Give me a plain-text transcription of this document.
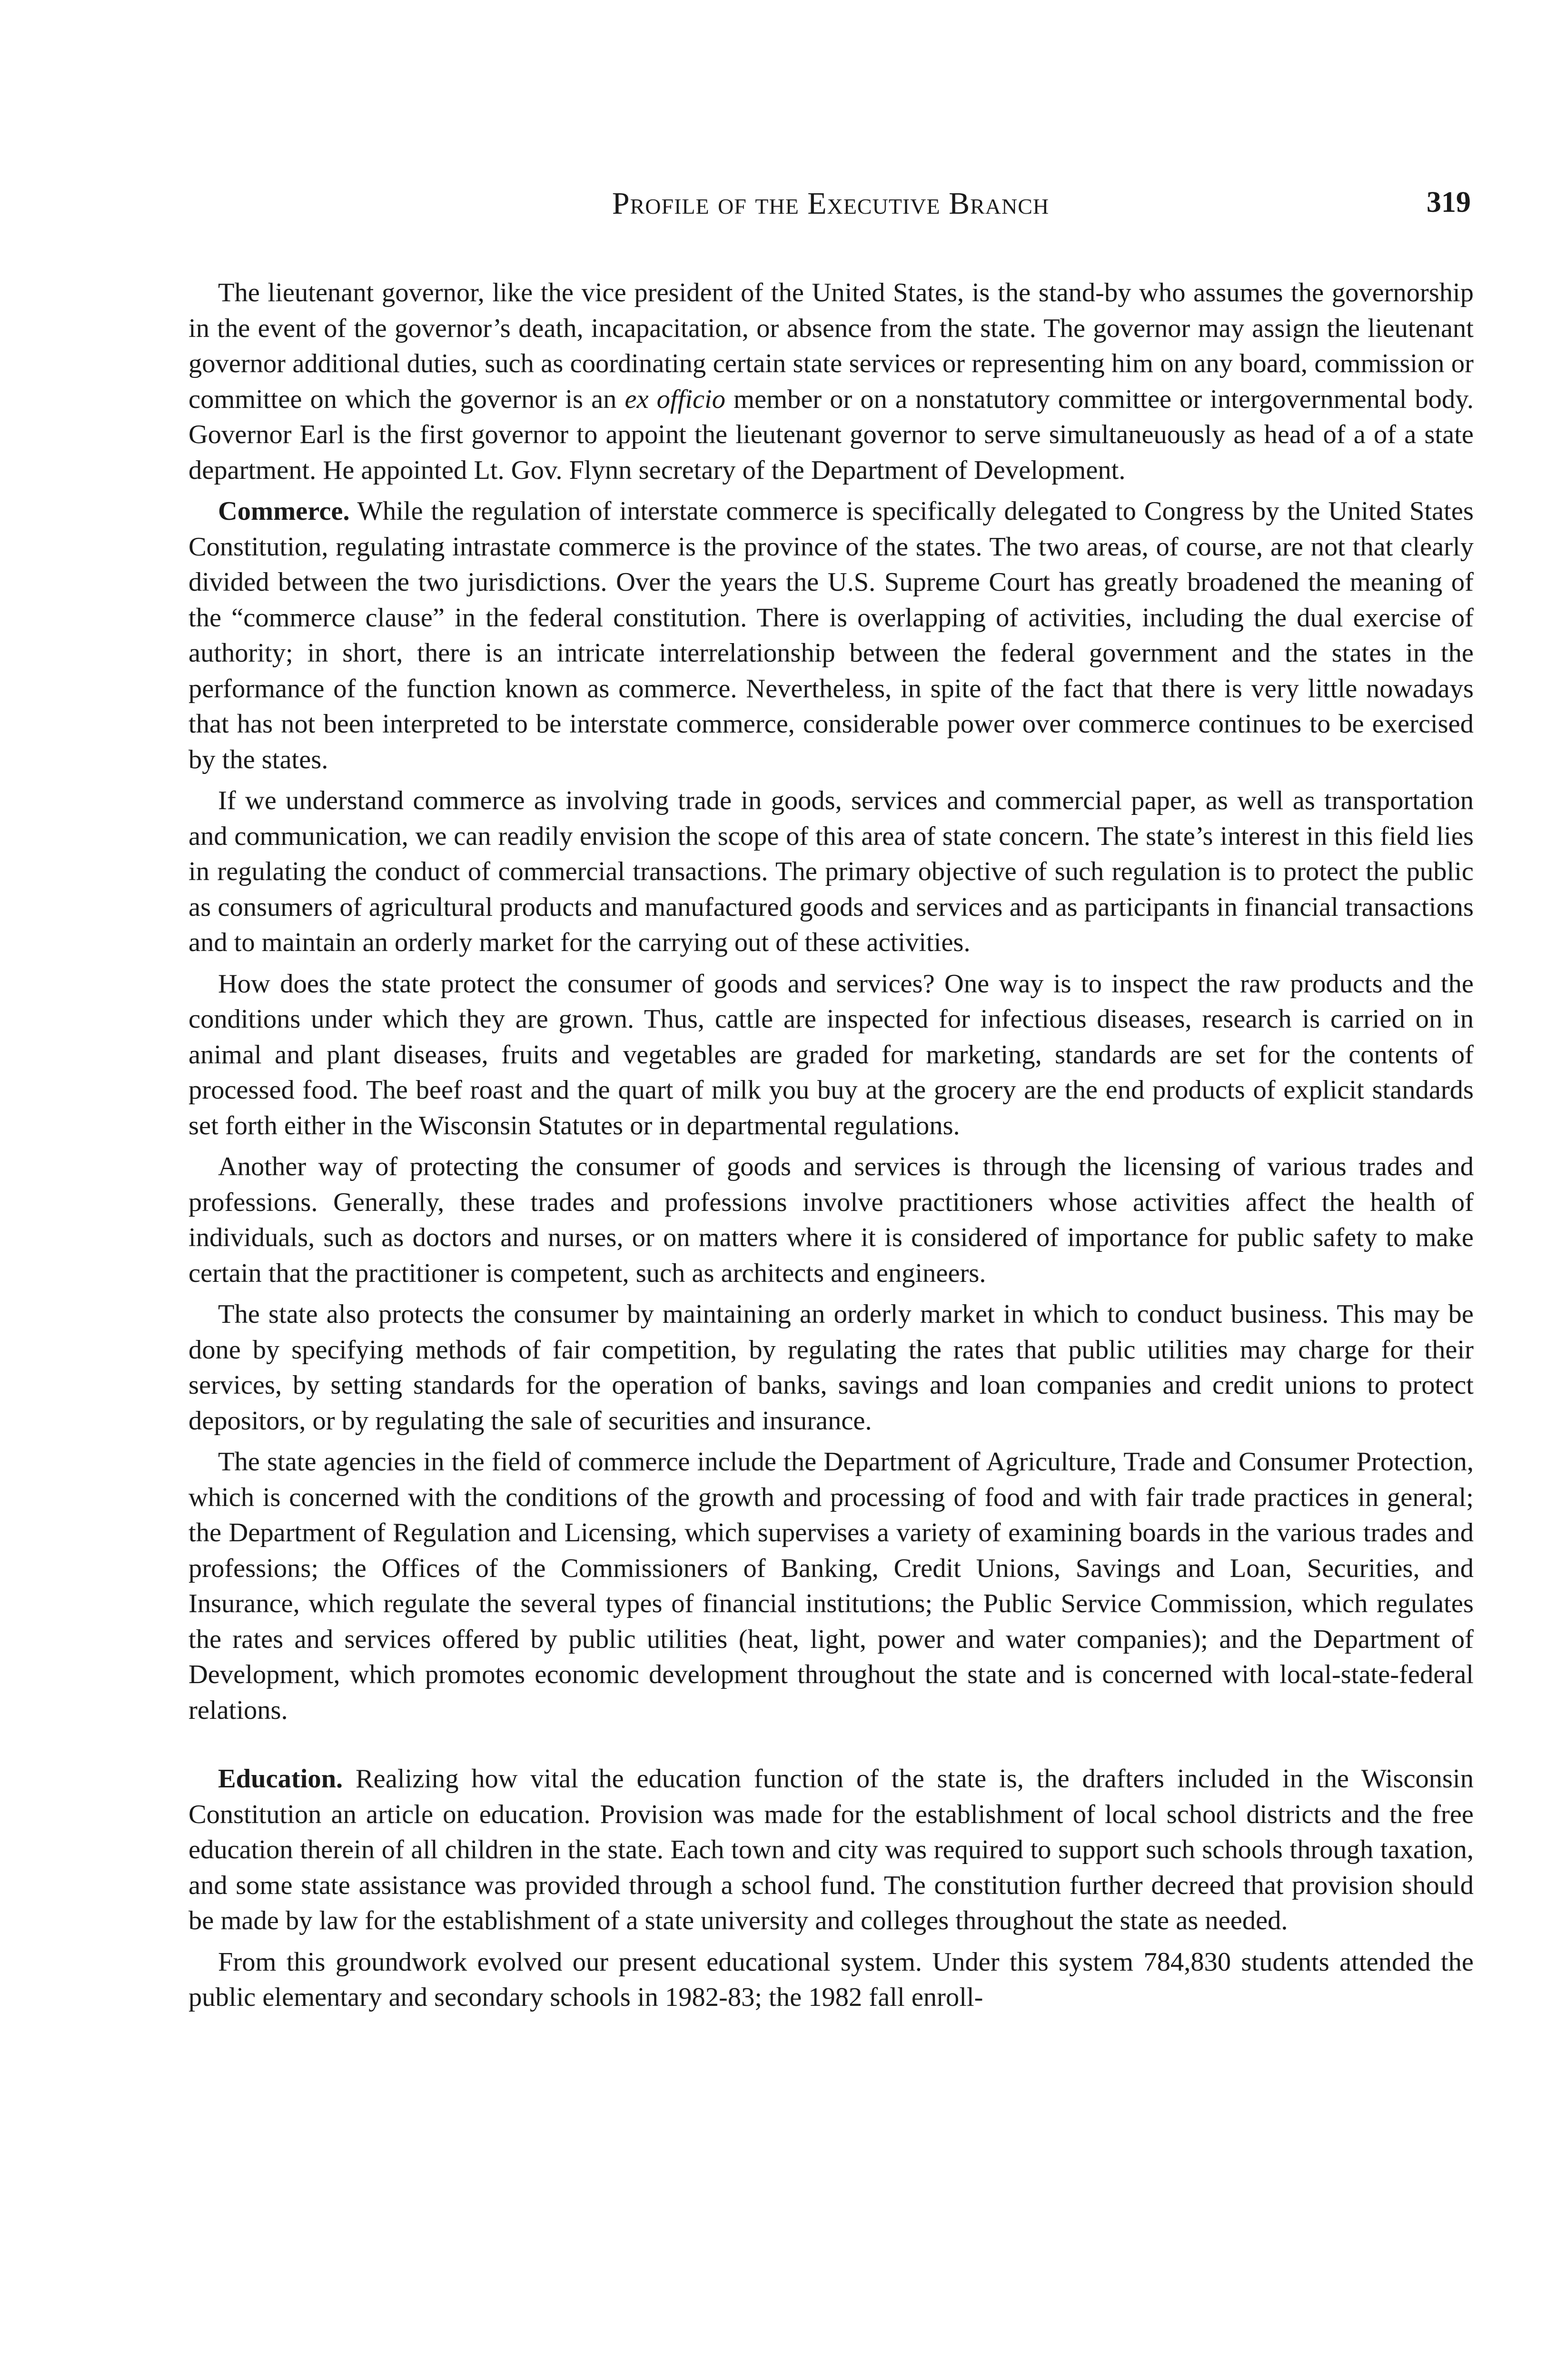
Profile of the Executive Branch	319

The lieutenant governor, like the vice president of the United States, is the stand-by who assumes the governorship in the event of the governor’s death, incapacitation, or absence from the state. The governor may assign the lieutenant governor additional duties, such as coordinating certain state services or representing him on any board, commission or committee on which the governor is an ex officio member or on a nonstatutory committee or intergovernmental body. Governor Earl is the first governor to appoint the lieutenant governor to serve simultaneuously as head of a of a state department. He appointed Lt. Gov. Flynn secretary of the Department of Development.

Commerce. While the regulation of interstate commerce is specifically delegated to Congress by the United States Constitution, regulating intrastate commerce is the province of the states. The two areas, of course, are not that clearly divided between the two jurisdictions. Over the years the U.S. Supreme Court has greatly broadened the meaning of the “commerce clause” in the federal constitution. There is overlapping of activities, including the dual exercise of authority; in short, there is an intricate interrelationship between the federal government and the states in the performance of the function known as commerce. Nevertheless, in spite of the fact that there is very little nowadays that has not been interpreted to be interstate commerce, considerable power over commerce continues to be exercised by the states.

If we understand commerce as involving trade in goods, services and commercial paper, as well as transportation and communication, we can readily envision the scope of this area of state concern. The state’s interest in this field lies in regulating the conduct of commercial transactions. The primary objective of such regulation is to protect the public as consumers of agricultural products and manufactured goods and services and as participants in financial transactions and to maintain an orderly market for the carrying out of these activities.

How does the state protect the consumer of goods and services? One way is to inspect the raw products and the conditions under which they are grown. Thus, cattle are inspected for infectious diseases, research is carried on in animal and plant diseases, fruits and vegetables are graded for marketing, standards are set for the contents of processed food. The beef roast and the quart of milk you buy at the grocery are the end products of explicit standards set forth either in the Wisconsin Statutes or in departmental regulations.

Another way of protecting the consumer of goods and services is through the licensing of various trades and professions. Generally, these trades and professions involve practitioners whose activities affect the health of individuals, such as doctors and nurses, or on matters where it is considered of importance for public safety to make certain that the practitioner is competent, such as architects and engineers.

The state also protects the consumer by maintaining an orderly market in which to conduct business. This may be done by specifying methods of fair competition, by regulating the rates that public utilities may charge for their services, by setting standards for the operation of banks, savings and loan companies and credit unions to protect depositors, or by regulating the sale of securities and insurance.

The state agencies in the field of commerce include the Department of Agriculture, Trade and Consumer Protection, which is concerned with the conditions of the growth and processing of food and with fair trade practices in general; the Department of Regulation and Licensing, which supervises a variety of examining boards in the various trades and professions; the Offices of the Commissioners of Banking, Credit Unions, Savings and Loan, Securities, and Insurance, which regulate the several types of financial institutions; the Public Service Commission, which regulates the rates and services offered by public utilities (heat, light, power and water companies); and the Department of Development, which promotes economic development throughout the state and is concerned with local-state-federal relations.

Education. Realizing how vital the education function of the state is, the drafters included in the Wisconsin Constitution an article on education. Provision was made for the establishment of local school districts and the free education therein of all children in the state. Each town and city was required to support such schools through taxation, and some state assistance was provided through a school fund. The constitution further decreed that provision should be made by law for the establishment of a state university and colleges throughout the state as needed.

From this groundwork evolved our present educational system. Under this system 784,830 students attended the public elementary and secondary schools in 1982-83; the 1982 fall enroll-
